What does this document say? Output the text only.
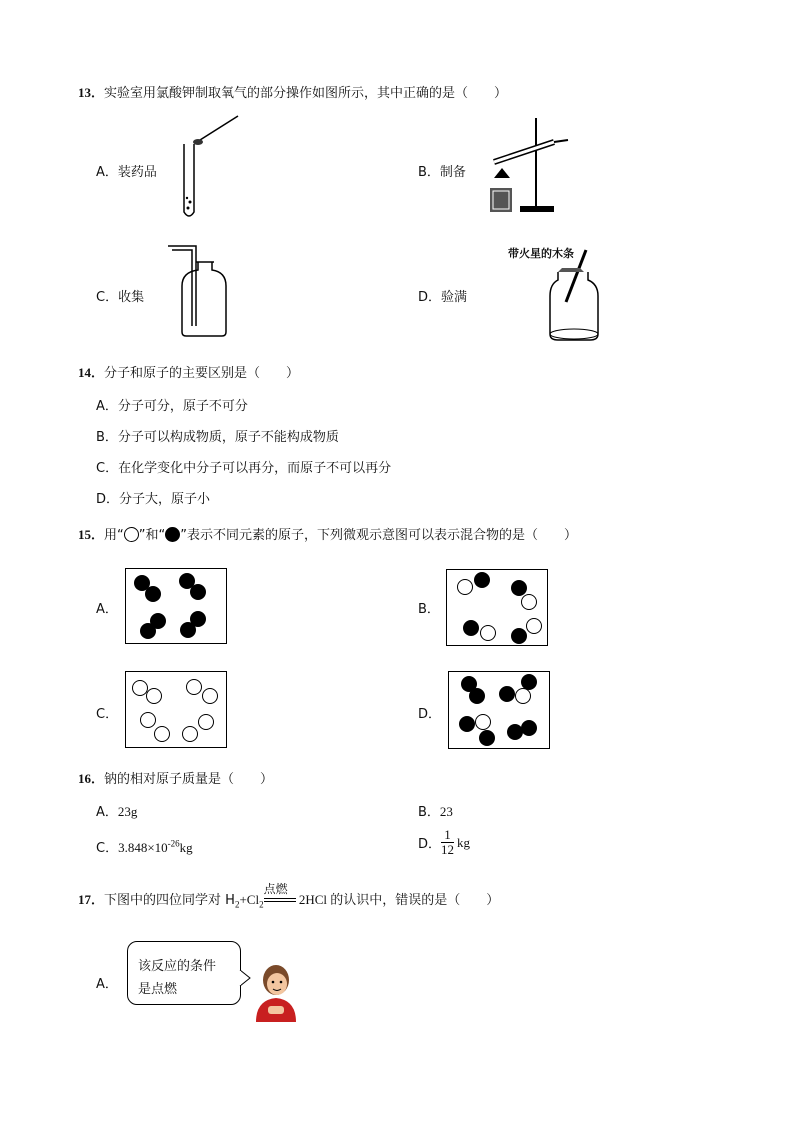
13．实验室用氯酸钾制取氧气的部分操作如图所示，其中正确的是（　　）
A．装药品	B．制备
C．收集	D．验满
带火星的木条
14．分子和原子的主要区别是（　　）
A．分子可分，原子不可分
B．分子可以构成物质，原子不能构成物质
C．在化学变化中分子可以再分，而原子不可以再分
D．分子大，原子小
15．用“ ”和“ ”表示不同元素的原子，下列微观示意图可以表示混合物的是（　　）
A．	B．
C．	D．
16．钠的相对原子质量是（　　）
A．23g	B．23
C．$3.848\times 10^{-26}kg$	D． $\frac{1}{12}$ kg
17．下图中的四位同学对 $H_2+Cl_2$
点燃
2HCl 的认识中，错误的是（　　）
A．
该反应的条件
是点燃
